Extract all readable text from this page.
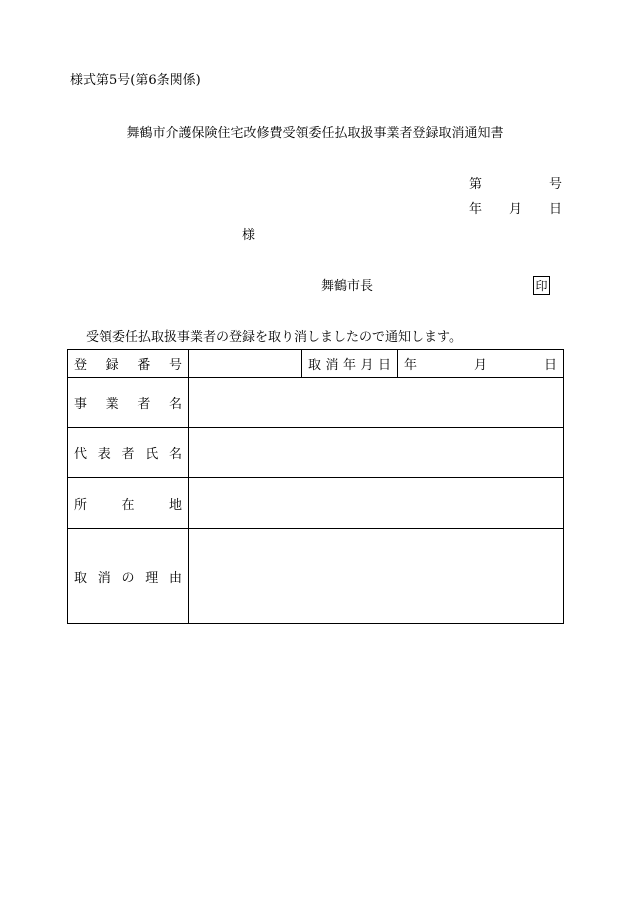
様式第5号(第6条関係)
舞鶴市介護保険住宅改修費受領委任払取扱事業者登録取消通知書
第	号
年 月 日
様
舞鶴市長	印
受領委任払取扱事業者の登録を取り消しましたので通知します。
登録番号		取消年月日	年 月 日

事業者名			

代表者氏名			

所在地			

取消の理由			
